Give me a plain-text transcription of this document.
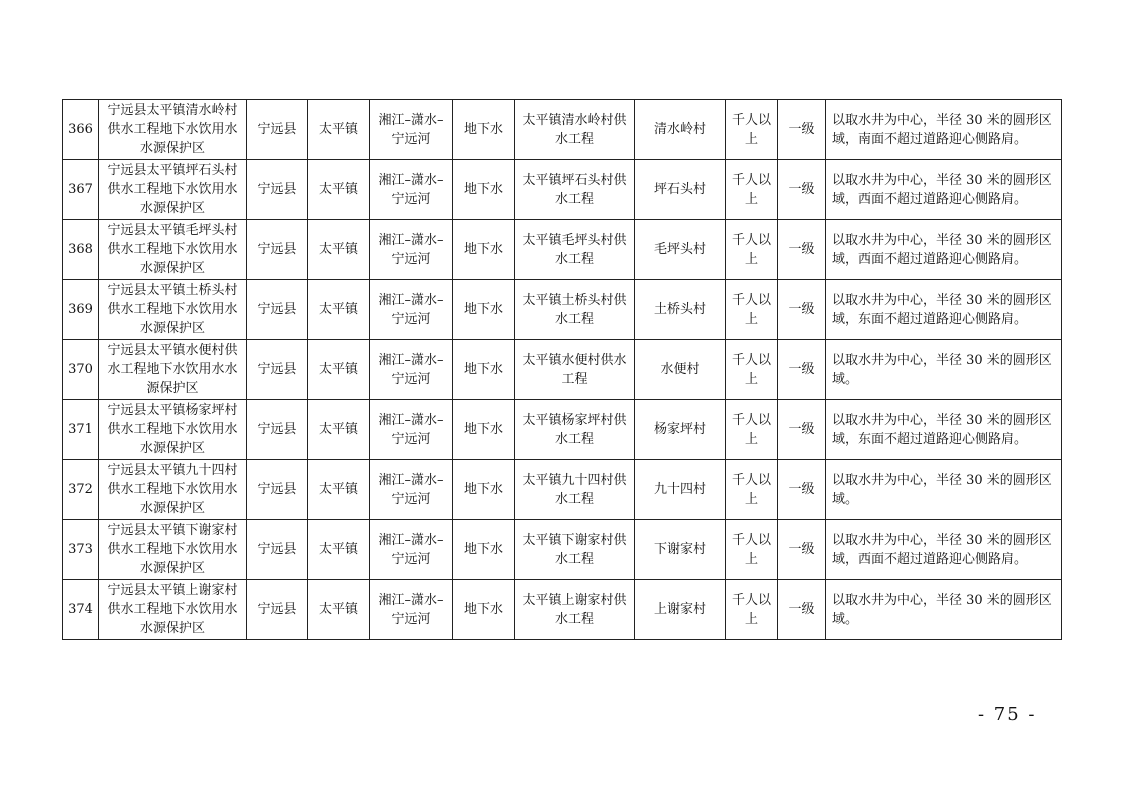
366	宁远县太平镇清水岭村供水工程地下水饮用水水源保护区	宁远县	太平镇	湘江–潇水–宁远河	地下水	太平镇清水岭村供水工程	清水岭村	千人以上	一级	以取水井为中心，半径 30 米的圆形区域，南面不超过道路迎心侧路肩。
367	宁远县太平镇坪石头村供水工程地下水饮用水水源保护区	宁远县	太平镇	湘江–潇水–宁远河	地下水	太平镇坪石头村供水工程	坪石头村	千人以上	一级	以取水井为中心，半径 30 米的圆形区域，西面不超过道路迎心侧路肩。
368	宁远县太平镇毛坪头村供水工程地下水饮用水水源保护区	宁远县	太平镇	湘江–潇水–宁远河	地下水	太平镇毛坪头村供水工程	毛坪头村	千人以上	一级	以取水井为中心，半径 30 米的圆形区域，西面不超过道路迎心侧路肩。
369	宁远县太平镇土桥头村供水工程地下水饮用水水源保护区	宁远县	太平镇	湘江–潇水–宁远河	地下水	太平镇土桥头村供水工程	土桥头村	千人以上	一级	以取水井为中心，半径 30 米的圆形区域，东面不超过道路迎心侧路肩。
370	宁远县太平镇水便村供水工程地下水饮用水水源保护区	宁远县	太平镇	湘江–潇水–宁远河	地下水	太平镇水便村供水工程	水便村	千人以上	一级	以取水井为中心，半径 30 米的圆形区域。
371	宁远县太平镇杨家坪村供水工程地下水饮用水水源保护区	宁远县	太平镇	湘江–潇水–宁远河	地下水	太平镇杨家坪村供水工程	杨家坪村	千人以上	一级	以取水井为中心，半径 30 米的圆形区域，东面不超过道路迎心侧路肩。
372	宁远县太平镇九十四村供水工程地下水饮用水水源保护区	宁远县	太平镇	湘江–潇水–宁远河	地下水	太平镇九十四村供水工程	九十四村	千人以上	一级	以取水井为中心，半径 30 米的圆形区域。
373	宁远县太平镇下谢家村供水工程地下水饮用水水源保护区	宁远县	太平镇	湘江–潇水–宁远河	地下水	太平镇下谢家村供水工程	下谢家村	千人以上	一级	以取水井为中心，半径 30 米的圆形区域，西面不超过道路迎心侧路肩。
374	宁远县太平镇上谢家村供水工程地下水饮用水水源保护区	宁远县	太平镇	湘江–潇水–宁远河	地下水	太平镇上谢家村供水工程	上谢家村	千人以上	一级	以取水井为中心，半径 30 米的圆形区域。
- 75 -
